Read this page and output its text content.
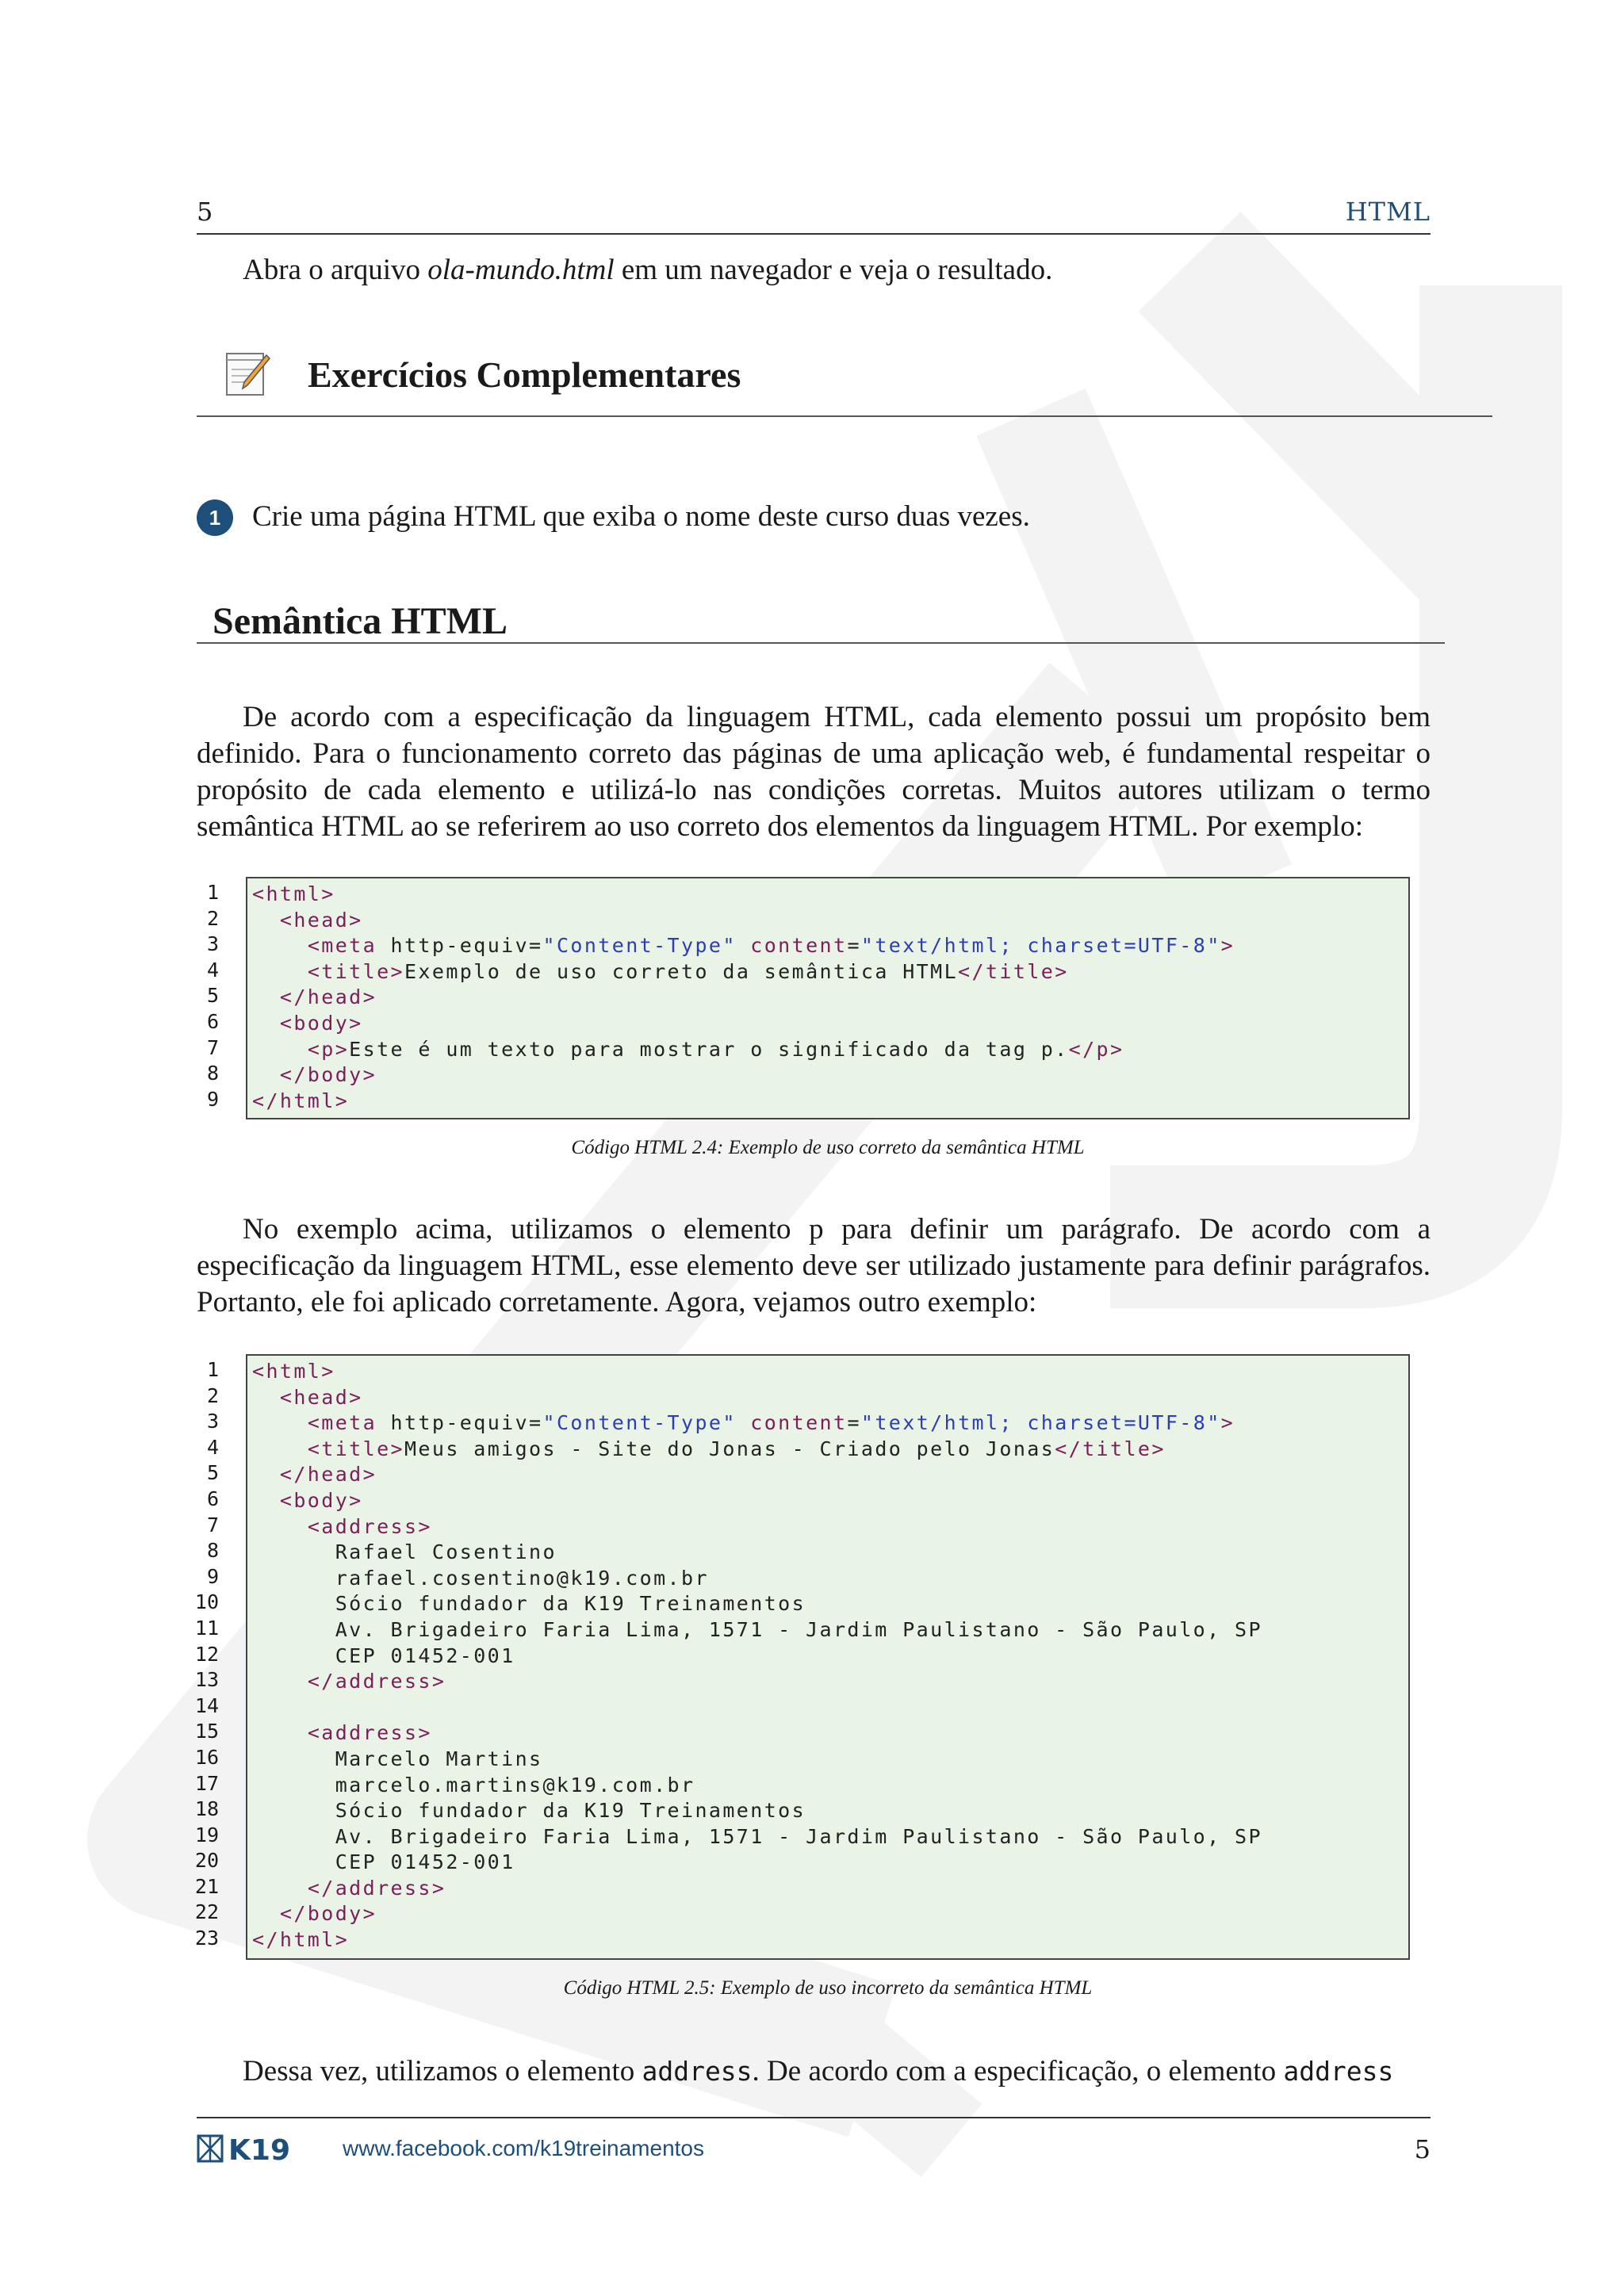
5	HTML
Abra o arquivo ola-mundo.html em um navegador e veja o resultado.
Exercícios Complementares
1	Crie uma página HTML que exiba o nome deste curso duas vezes.
Semântica HTML
De acordo com a especificação da linguagem HTML, cada elemento possui um propósito bem definido. Para o funcionamento correto das páginas de uma aplicação web, é fundamental respeitar o propósito de cada elemento e utilizá-lo nas condições corretas. Muitos autores utilizam o termo semântica HTML ao se referirem ao uso correto dos elementos da linguagem HTML. Por exemplo:
1
2
3
4
5
6
7
8
9
<html>
<head>
<meta http-equiv="Content-Type" content="text/html; charset=UTF-8">
<title>Exemplo de uso correto da semântica HTML</title>
</head>
<body>
<p>Este é um texto para mostrar o significado da tag p.</p>
</body>
</html>
Código HTML 2.4: Exemplo de uso correto da semântica HTML
No exemplo acima, utilizamos o elemento p para definir um parágrafo. De acordo com a especificação da linguagem HTML, esse elemento deve ser utilizado justamente para definir parágrafos. Portanto, ele foi aplicado corretamente. Agora, vejamos outro exemplo:
1
2
3
4
5
6
7
8
9
10
11
12
13
14
15
16
17
18
19
20
21
22
23
<html>
<head>
<meta http-equiv="Content-Type" content="text/html; charset=UTF-8">
<title>Meus amigos - Site do Jonas - Criado pelo Jonas</title>
</head>
<body>
<address>
Rafael Cosentino
rafael.cosentino@k19.com.br
Sócio fundador da K19 Treinamentos
Av. Brigadeiro Faria Lima, 1571 - Jardim Paulistano - São Paulo, SP
CEP 01452-001
</address>
<address>
Marcelo Martins
marcelo.martins@k19.com.br
Sócio fundador da K19 Treinamentos
Av. Brigadeiro Faria Lima, 1571 - Jardim Paulistano - São Paulo, SP
CEP 01452-001
</address>
</body>
</html>
Código HTML 2.5: Exemplo de uso incorreto da semântica HTML
Dessa vez, utilizamos o elemento address. De acordo com a especificação, o elemento address
K19 www.facebook.com/k19treinamentos	5
